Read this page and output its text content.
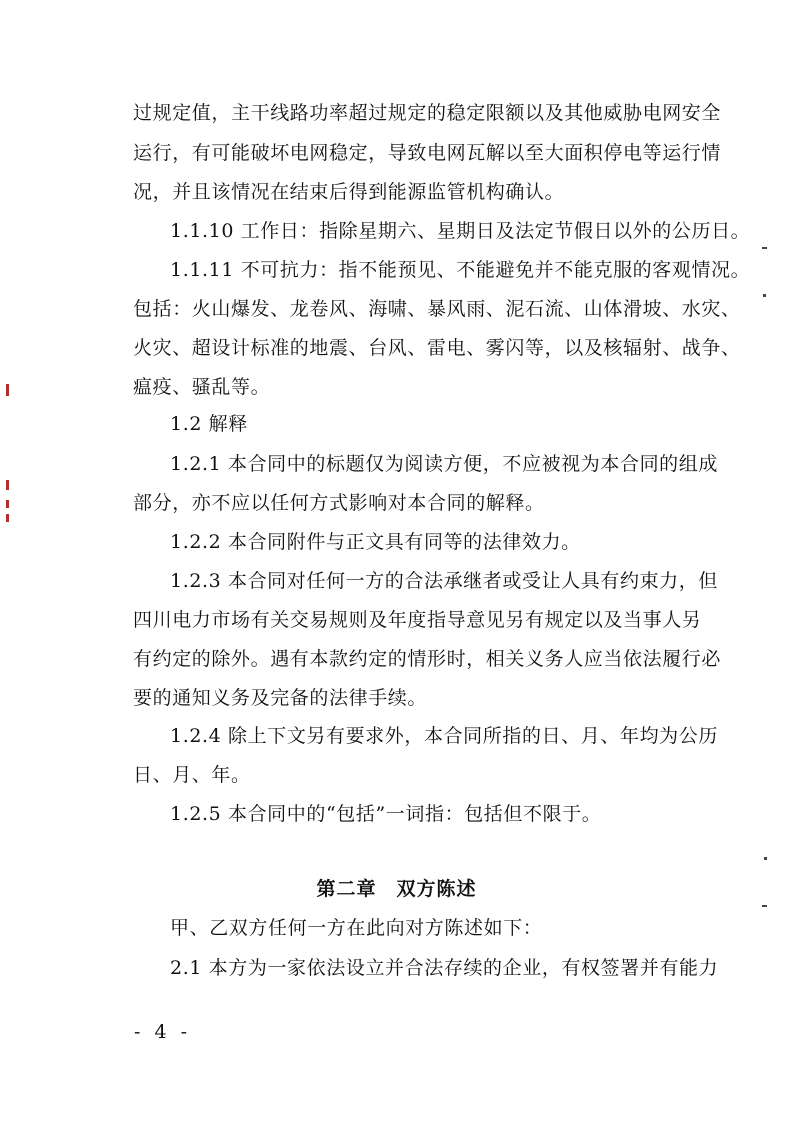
过规定值，主干线路功率超过规定的稳定限额以及其他威胁电网安全
运行，有可能破坏电网稳定，导致电网瓦解以至大面积停电等运行情
况，并且该情况在结束后得到能源监管机构确认。
1.1.10 工作日：指除星期六、星期日及法定节假日以外的公历日。
1.1.11 不可抗力：指不能预见、不能避免并不能克服的客观情况。
包括：火山爆发、龙卷风、海啸、暴风雨、泥石流、山体滑坡、水灾、
火灾、超设计标准的地震、台风、雷电、雾闪等，以及核辐射、战争、
瘟疫、骚乱等。
1.2 解释
1.2.1 本合同中的标题仅为阅读方便，不应被视为本合同的组成
部分，亦不应以任何方式影响对本合同的解释。
1.2.2 本合同附件与正文具有同等的法律效力。
1.2.3 本合同对任何一方的合法承继者或受让人具有约束力，但
四川电力市场有关交易规则及年度指导意见另有规定以及当事人另
有约定的除外。遇有本款约定的情形时，相关义务人应当依法履行必
要的通知义务及完备的法律手续。
1.2.4 除上下文另有要求外，本合同所指的日、月、年均为公历
日、月、年。
1.2.5 本合同中的“包括”一词指：包括但不限于。
第二章 双方陈述
甲、乙双方任何一方在此向对方陈述如下：
2.1 本方为一家依法设立并合法存续的企业，有权签署并有能力
- 4 -
